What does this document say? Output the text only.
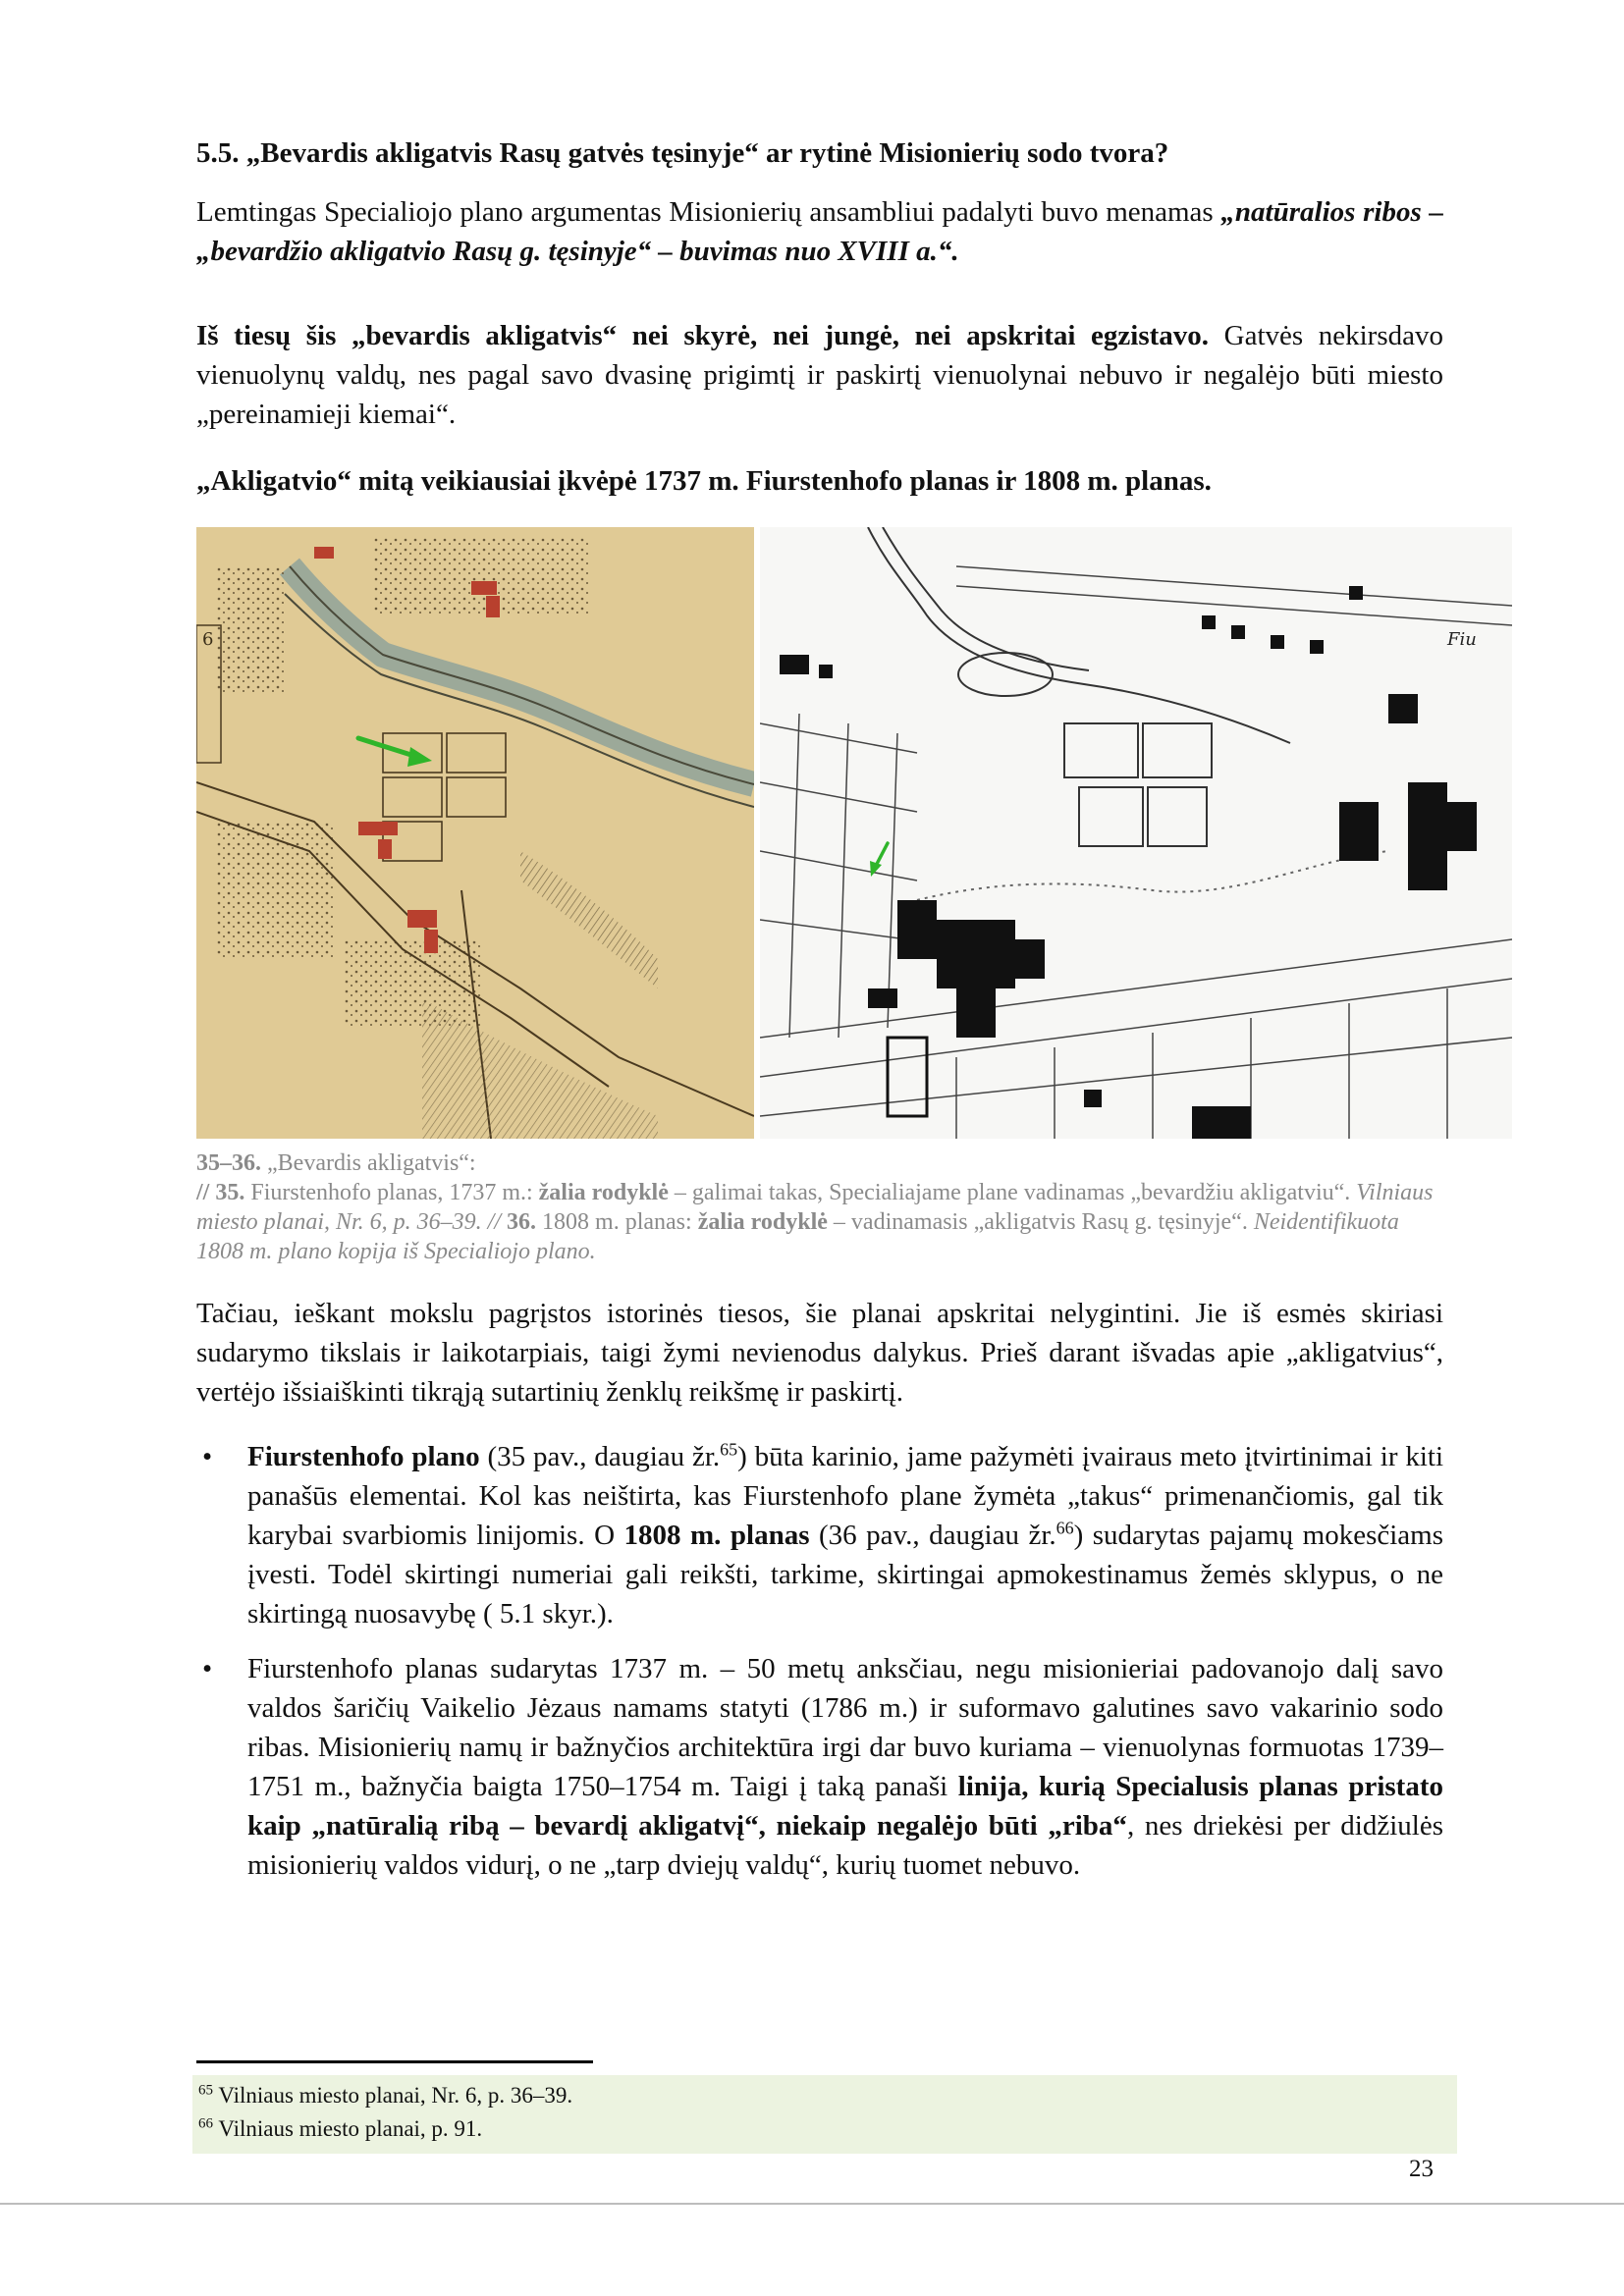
5.5. „Bevardis akligatvis Rasų gatvės tęsinyje“ ar rytinė Misionierių sodo tvora?
Lemtingas Specialiojo plano argumentas Misionierių ansambliui padalyti buvo menamas „natūralios ribos – „bevardžio akligatvio Rasų g. tęsinyje“ – buvimas nuo XVIII a.“.
Iš tiesų šis „bevardis akligatvis“ nei skyrė, nei jungė, nei apskritai egzistavo. Gatvės nekirsdavo vienuolynų valdų, nes pagal savo dvasinę prigimtį ir paskirtį vienuolynai nebuvo ir negalėjo būti miesto „pereinamieji kiemai“.
„Akligatvio“ mitą veikiausiai įkvėpė 1737 m. Fiurstenhofo planas ir 1808 m. planas.
6	Fiu
35–36. „Bevardis akligatvis“:
// 35. Fiurstenhofo planas, 1737 m.: žalia rodyklė – galimai takas, Specialiajame plane vadinamas „bevardžiu akligatviu“. Vilniaus miesto planai, Nr. 6, p. 36–39. // 36. 1808 m. planas: žalia rodyklė – vadinamasis „akligatvis Rasų g. tęsinyje“. Neidentifikuota 1808 m. plano kopija iš Specialiojo plano.
Tačiau, ieškant mokslu pagrįstos istorinės tiesos, šie planai apskritai nelygintini. Jie iš esmės skiriasi sudarymo tikslais ir laikotarpiais, taigi žymi nevienodus dalykus. Prieš darant išvadas apie „akligatvius“, vertėjo išsiaiškinti tikrąją sutartinių ženklų reikšmę ir paskirtį.
• Fiurstenhofo plano (35 pav., daugiau žr.$^{65}$) būta karinio, jame pažymėti įvairaus meto įtvirtinimai ir kiti panašūs elementai. Kol kas neištirta, kas Fiurstenhofo plane žymėta „takus“ primenančiomis, gal tik karybai svarbiomis linijomis. O 1808 m. planas (36 pav., daugiau žr.$^{66}$) sudarytas pajamų mokesčiams įvesti. Todėl skirtingi numeriai gali reikšti, tarkime, skirtingai apmokestinamus žemės sklypus, o ne skirtingą nuosavybę ( 5.1 skyr.).
• Fiurstenhofo planas sudarytas 1737 m. – 50 metų anksčiau, negu misionieriai padovanojo dalį savo valdos šaričių Vaikelio Jėzaus namams statyti (1786 m.) ir suformavo galutines savo vakarinio sodo ribas. Misionierių namų ir bažnyčios architektūra irgi dar buvo kuriama – vienuolynas formuotas 1739–1751 m., bažnyčia baigta 1750–1754 m. Taigi į taką panaši linija, kurią Specialusis planas pristato kaip „natūralią ribą – bevardį akligatvį“, niekaip negalėjo būti „riba“, nes driekėsi per didžiulės misionierių valdos vidurį, o ne „tarp dviejų valdų“, kurių tuomet nebuvo.
$^{65}$ Vilniaus miesto planai, Nr. 6, p. 36–39.
$^{66}$ Vilniaus miesto planai, p. 91.
23
